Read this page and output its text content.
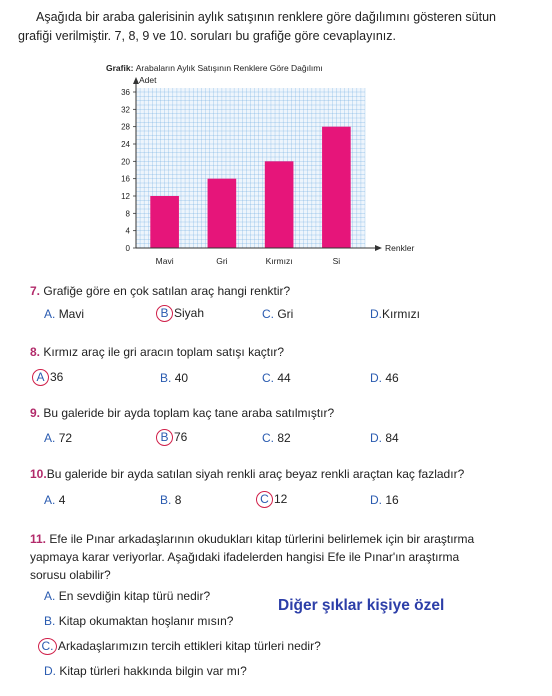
Aşağıda bir araba galerisinin aylık satışının renklere göre dağılımını gösteren sütun
grafiği verilmiştir. 7, 8, 9 ve 10. soruları bu grafiğe göre cevaplayınız.
Grafik: Arabaların Aylık Satışının Renklere Göre Dağılımı
Mavi	Gri	Kırmızı	Si
0
4
8
12
16
20
24
28
32
36
Adet
Renkler
7. Grafiğe göre en çok satılan araç hangi renktir?
A. Mavi	B Siyah	C. Gri	D.Kırmızı
8. Kırmız araç ile gri aracın toplam satışı kaçtır?
A 36	B. 40	C. 44	D. 46
9. Bu galeride bir ayda toplam kaç tane araba satılmıştır?
A. 72	B 76	C. 82	D. 84
10.Bu galeride bir ayda satılan siyah renkli araç beyaz renkli araçtan kaç fazladır?
A. 4	B. 8	C 12	D. 16
11. Efe ile Pınar arkadaşlarının okudukları kitap türlerini belirlemek için bir araştırma
yapmaya karar veriyorlar. Aşağıdaki ifadelerden hangisi Efe ile Pınar'ın araştırma
sorusu olabilir?
A. En sevdiğin kitap türü nedir?
B. Kitap okumaktan hoşlanır mısın?
C. Arkadaşlarımızın tercih ettikleri kitap türleri nedir?
D. Kitap türleri hakkında bilgin var mı?
Diğer şıklar kişiye özel
